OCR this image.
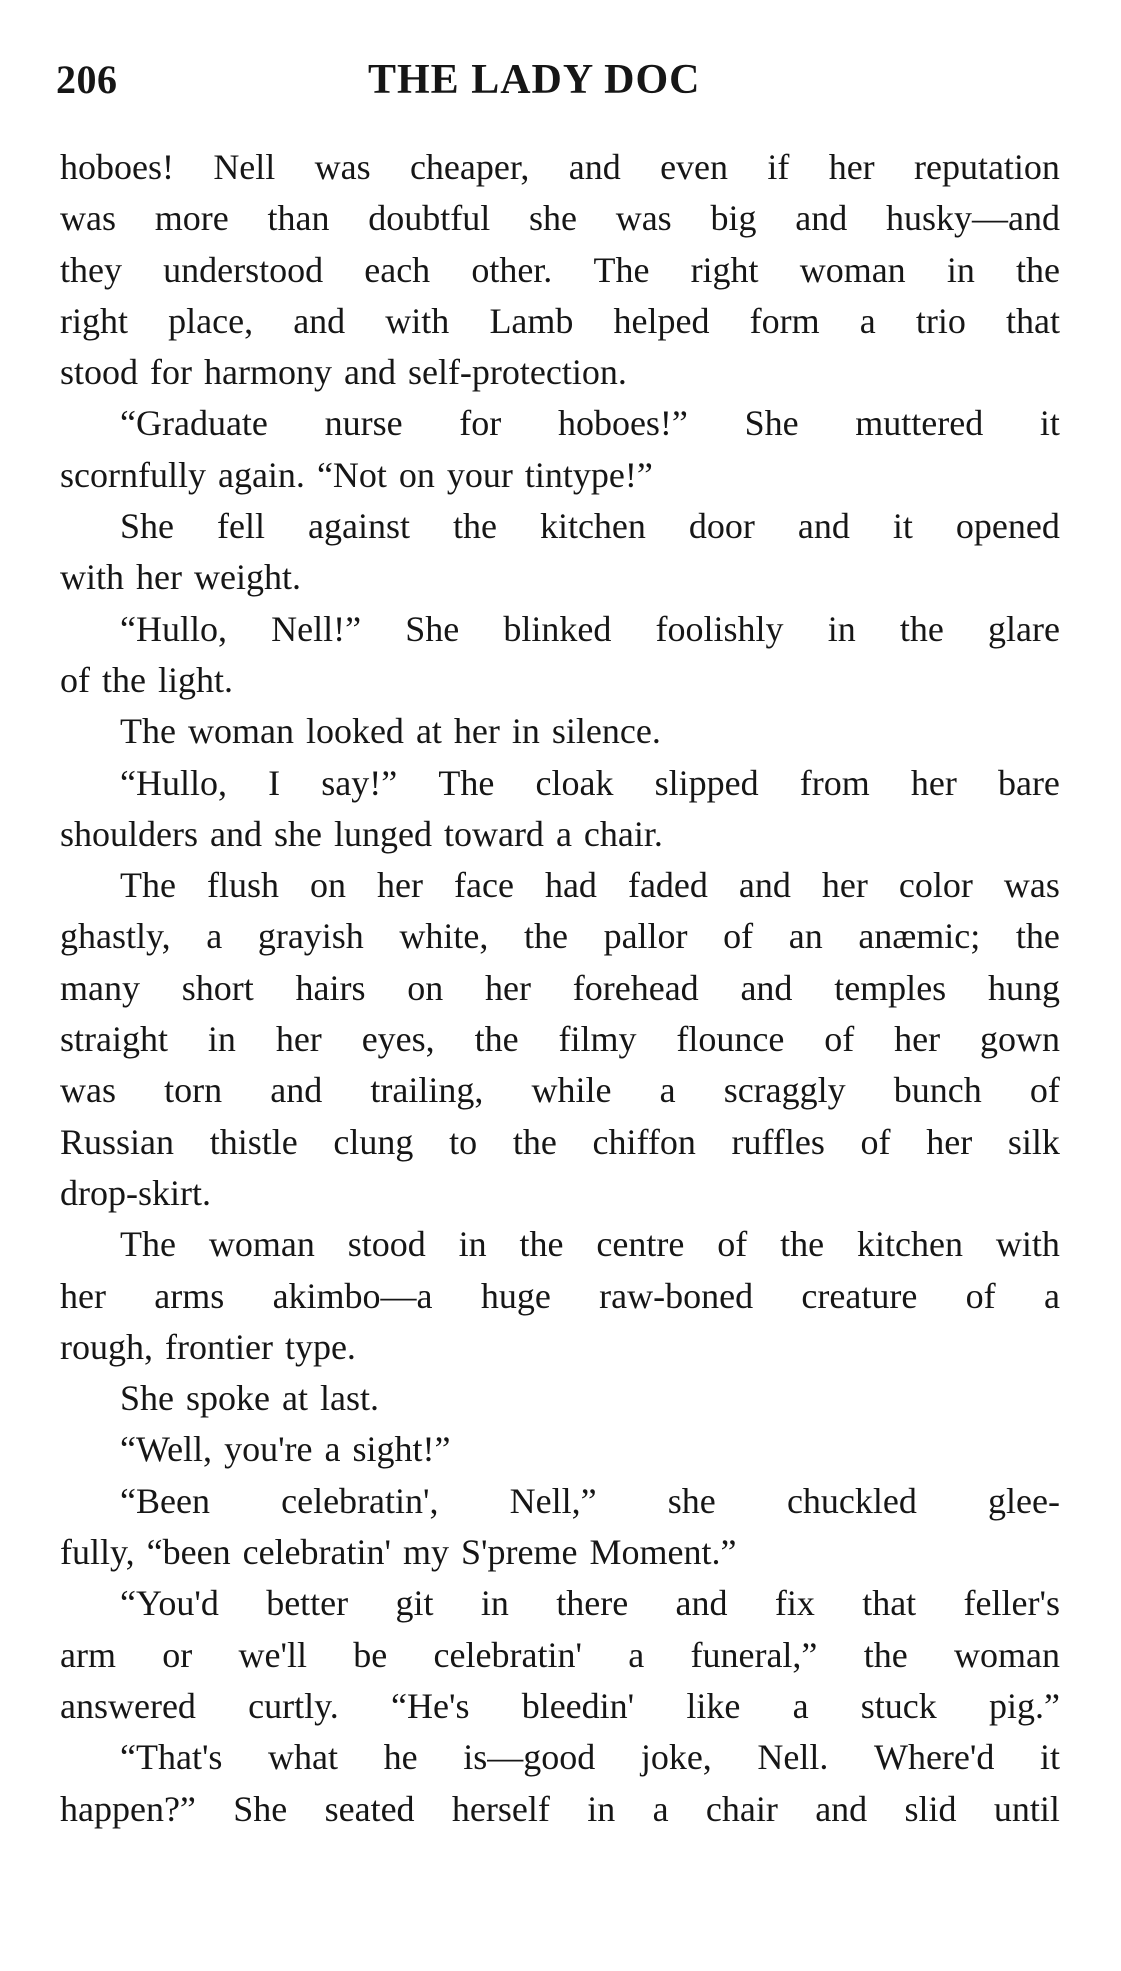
206	THE LADY DOC
hoboes! Nell was cheaper, and even if her reputation
was more than doubtful she was big and husky—and
they understood each other. The right woman in the
right place, and with Lamb helped form a trio that
stood for harmony and self-protection.
“Graduate nurse for hoboes!” She muttered it
scornfully again. “Not on your tintype!”
She fell against the kitchen door and it opened
with her weight.
“Hullo, Nell!” She blinked foolishly in the glare
of the light.
The woman looked at her in silence.
“Hullo, I say!” The cloak slipped from her bare
shoulders and she lunged toward a chair.
The flush on her face had faded and her color was
ghastly, a grayish white, the pallor of an anæmic; the
many short hairs on her forehead and temples hung
straight in her eyes, the filmy flounce of her gown
was torn and trailing, while a scraggly bunch of
Russian thistle clung to the chiffon ruffles of her silk
drop-skirt.
The woman stood in the centre of the kitchen with
her arms akimbo—a huge raw-boned creature of a
rough, frontier type.
She spoke at last.
“Well, you're a sight!”
“Been celebratin', Nell,” she chuckled glee-
fully, “been celebratin' my S'preme Moment.”
“You'd better git in there and fix that feller's
arm or we'll be celebratin' a funeral,” the woman
answered curtly. “He's bleedin' like a stuck pig.”
“That's what he is—good joke, Nell. Where'd it
happen?” She seated herself in a chair and slid until
